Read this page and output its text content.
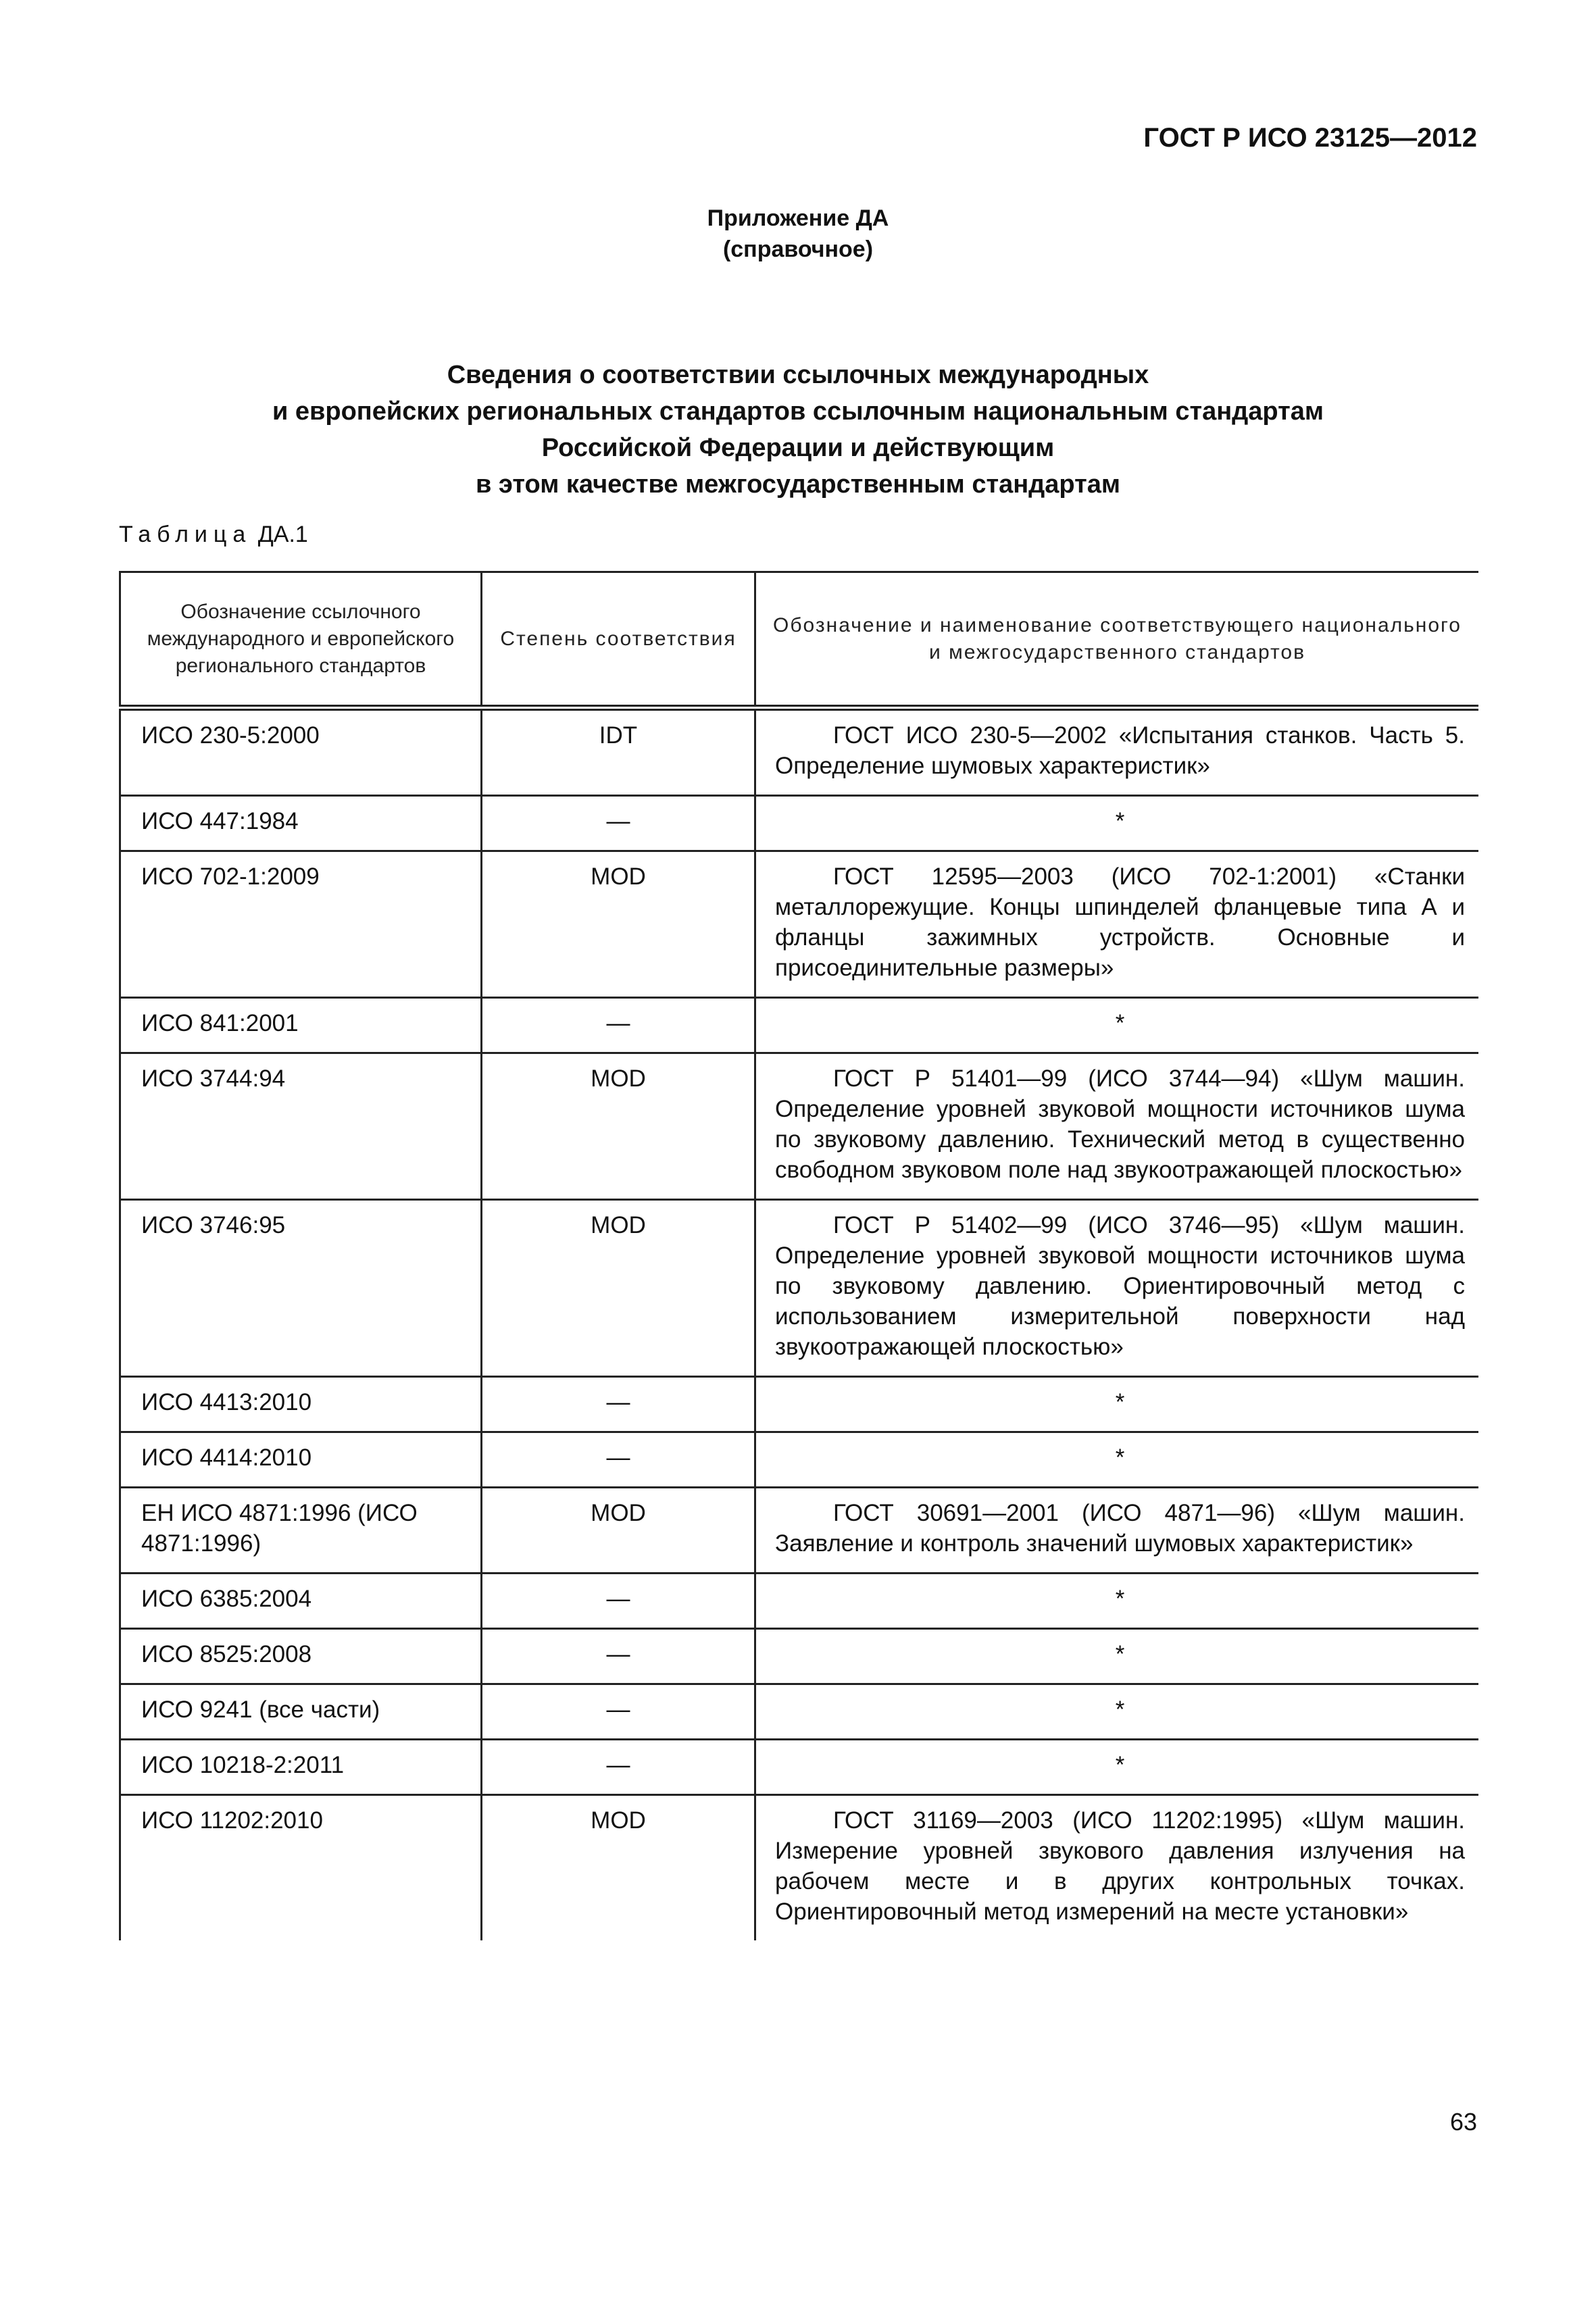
ГОСТ Р ИСО 23125—2012
Приложение ДА
(справочное)
Сведения о соответствии ссылочных международных
и европейских региональных стандартов ссылочным национальным стандартам
Российской Федерации и действующим
в этом качестве межгосударственным стандартам
Таблица ДА.1
Обозначение ссылочного международного и европейского регионального стандартов	Степень соответствия	Обозначение и наименование соответствующего национального и межгосударственного стандартов
ИСО 230-5:2000	IDT	ГОСТ ИСО 230-5—2002 «Испытания станков. Часть 5. Определение шумовых характеристик»

ИСО 447:1984	—	*
ИСО 702-1:2009	MOD	ГОСТ 12595—2003 (ИСО 702-1:2001) «Станки металлорежущие. Концы шпинделей фланцевые типа А и фланцы зажимных устройств. Основные и присоединительные размеры»

ИСО 841:2001	—	*
ИСО 3744:94	MOD	ГОСТ Р 51401—99 (ИСО 3744—94) «Шум машин. Определение уровней звуковой мощности источников шума по звуковому давлению. Технический метод в существенно свободном звуковом поле над звукоотражающей плоскостью»

ИСО 3746:95	MOD	ГОСТ Р 51402—99 (ИСО 3746—95) «Шум машин. Определение уровней звуковой мощности источников шума по звуковому давлению. Ориентировочный метод с использованием измерительной поверхности над звукоотражающей плоскостью»

ИСО 4413:2010	—	*
ИСО 4414:2010	—	*
ЕН ИСО 4871:1996 (ИСО 4871:1996)	MOD	ГОСТ 30691—2001 (ИСО 4871—96) «Шум машин. Заявление и контроль значений шумовых характеристик»

ИСО 6385:2004	—	*
ИСО 8525:2008	—	*
ИСО 9241 (все части)	—	*
ИСО 10218-2:2011	—	*
ИСО 11202:2010	MOD	ГОСТ 31169—2003 (ИСО 11202:1995) «Шум машин. Измерение уровней звукового давления излучения на рабочем месте и в других контрольных точках. Ориентировочный метод измерений на месте установки»
63
